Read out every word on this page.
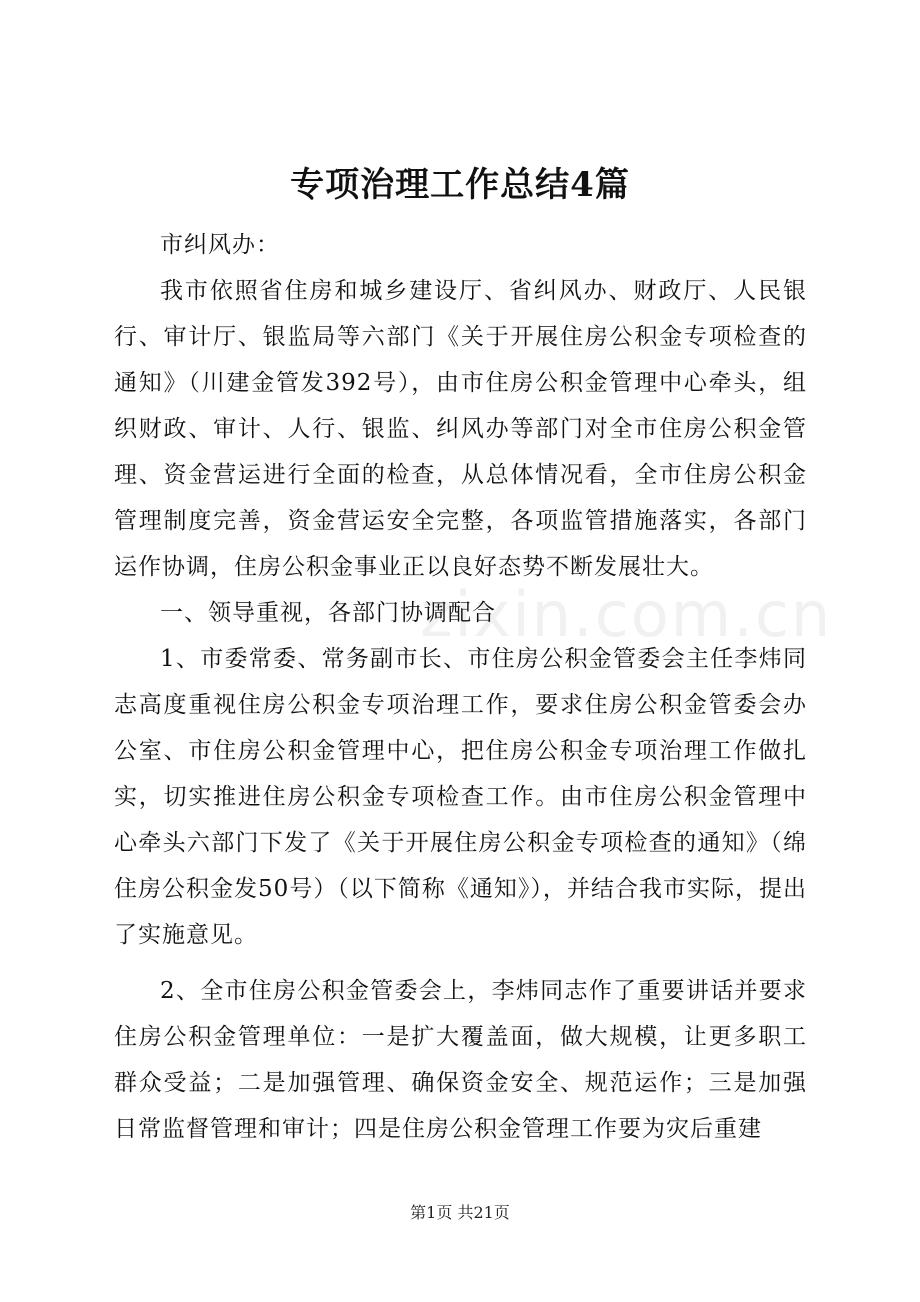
zixin.com.cn
专项治理工作总结4篇

市纠风办：

我市依照省住房和城乡建设厅、省纠风办、财政厅、人民银行、审计厅、银监局等六部门《关于开展住房公积金专项检查的通知》（川建金管发392号），由市住房公积金管理中心牵头，组织财政、审计、人行、银监、纠风办等部门对全市住房公积金管理、资金营运进行全面的检查，从总体情况看，全市住房公积金管理制度完善，资金营运安全完整，各项监管措施落实，各部门运作协调，住房公积金事业正以良好态势不断发展壮大。

一、领导重视，各部门协调配合

1、市委常委、常务副市长、市住房公积金管委会主任李炜同志高度重视住房公积金专项治理工作，要求住房公积金管委会办公室、市住房公积金管理中心，把住房公积金专项治理工作做扎实，切实推进住房公积金专项检查工作。由市住房公积金管理中心牵头六部门下发了《关于开展住房公积金专项检查的通知》（绵住房公积金发50号）（以下简称《通知》），并结合我市实际，提出了实施意见。

2、全市住房公积金管委会上，李炜同志作了重要讲话并要求住房公积金管理单位：一是扩大覆盖面，做大规模，让更多职工群众受益；二是加强管理、确保资金安全、规范运作；三是加强日常监督管理和审计；四是住房公积金管理工作要为灾后重建

第1页 共21页
